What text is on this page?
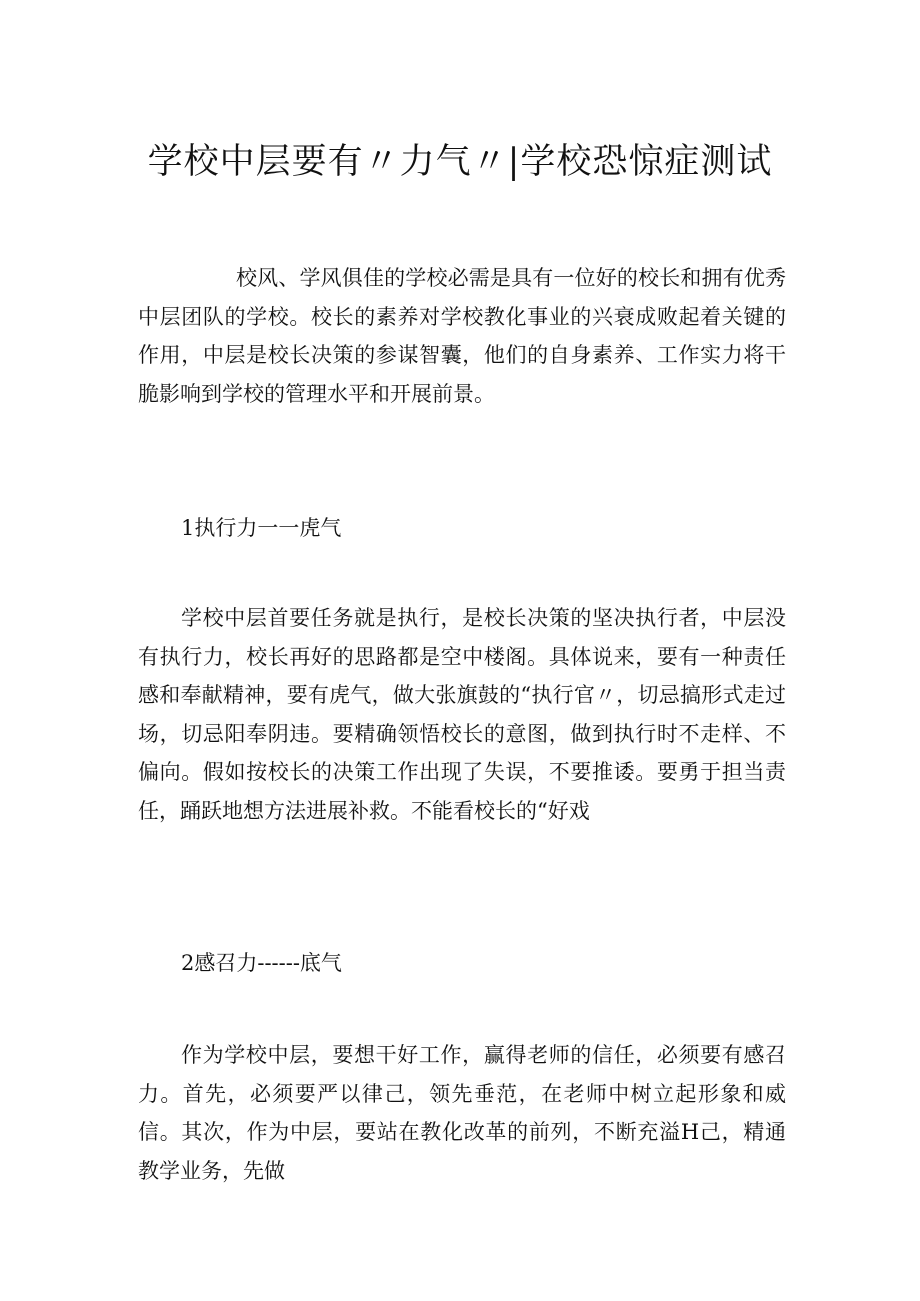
学校中层要有〃力气〃|学校恐惊症测试

校风、学风俱佳的学校必需是具有一位好的校长和拥有优秀中层团队的学校。校长的素养对学校教化事业的兴衰成败起着关键的作用，中层是校长决策的参谋智囊，他们的自身素养、工作实力将干脆影响到学校的管理水平和开展前景。

1执行力一一虎气

学校中层首要任务就是执行，是校长决策的坚决执行者，中层没有执行力，校长再好的思路都是空中楼阁。具体说来，要有一种责任感和奉献精神，要有虎气，做大张旗鼓的“执行官〃，切忌搞形式走过场，切忌阳奉阴违。要精确领悟校长的意图，做到执行时不走样、不偏向。假如按校长的决策工作出现了失误，不要推诿。要勇于担当责任，踊跃地想方法进展补救。不能看校长的“好戏

2感召力------底气

作为学校中层，要想干好工作，赢得老师的信任，必须要有感召力。首先，必须要严以律己，领先垂范，在老师中树立起形象和威信。其次，作为中层，要站在教化改革的前列，不断充溢H己，精通教学业务，先做
